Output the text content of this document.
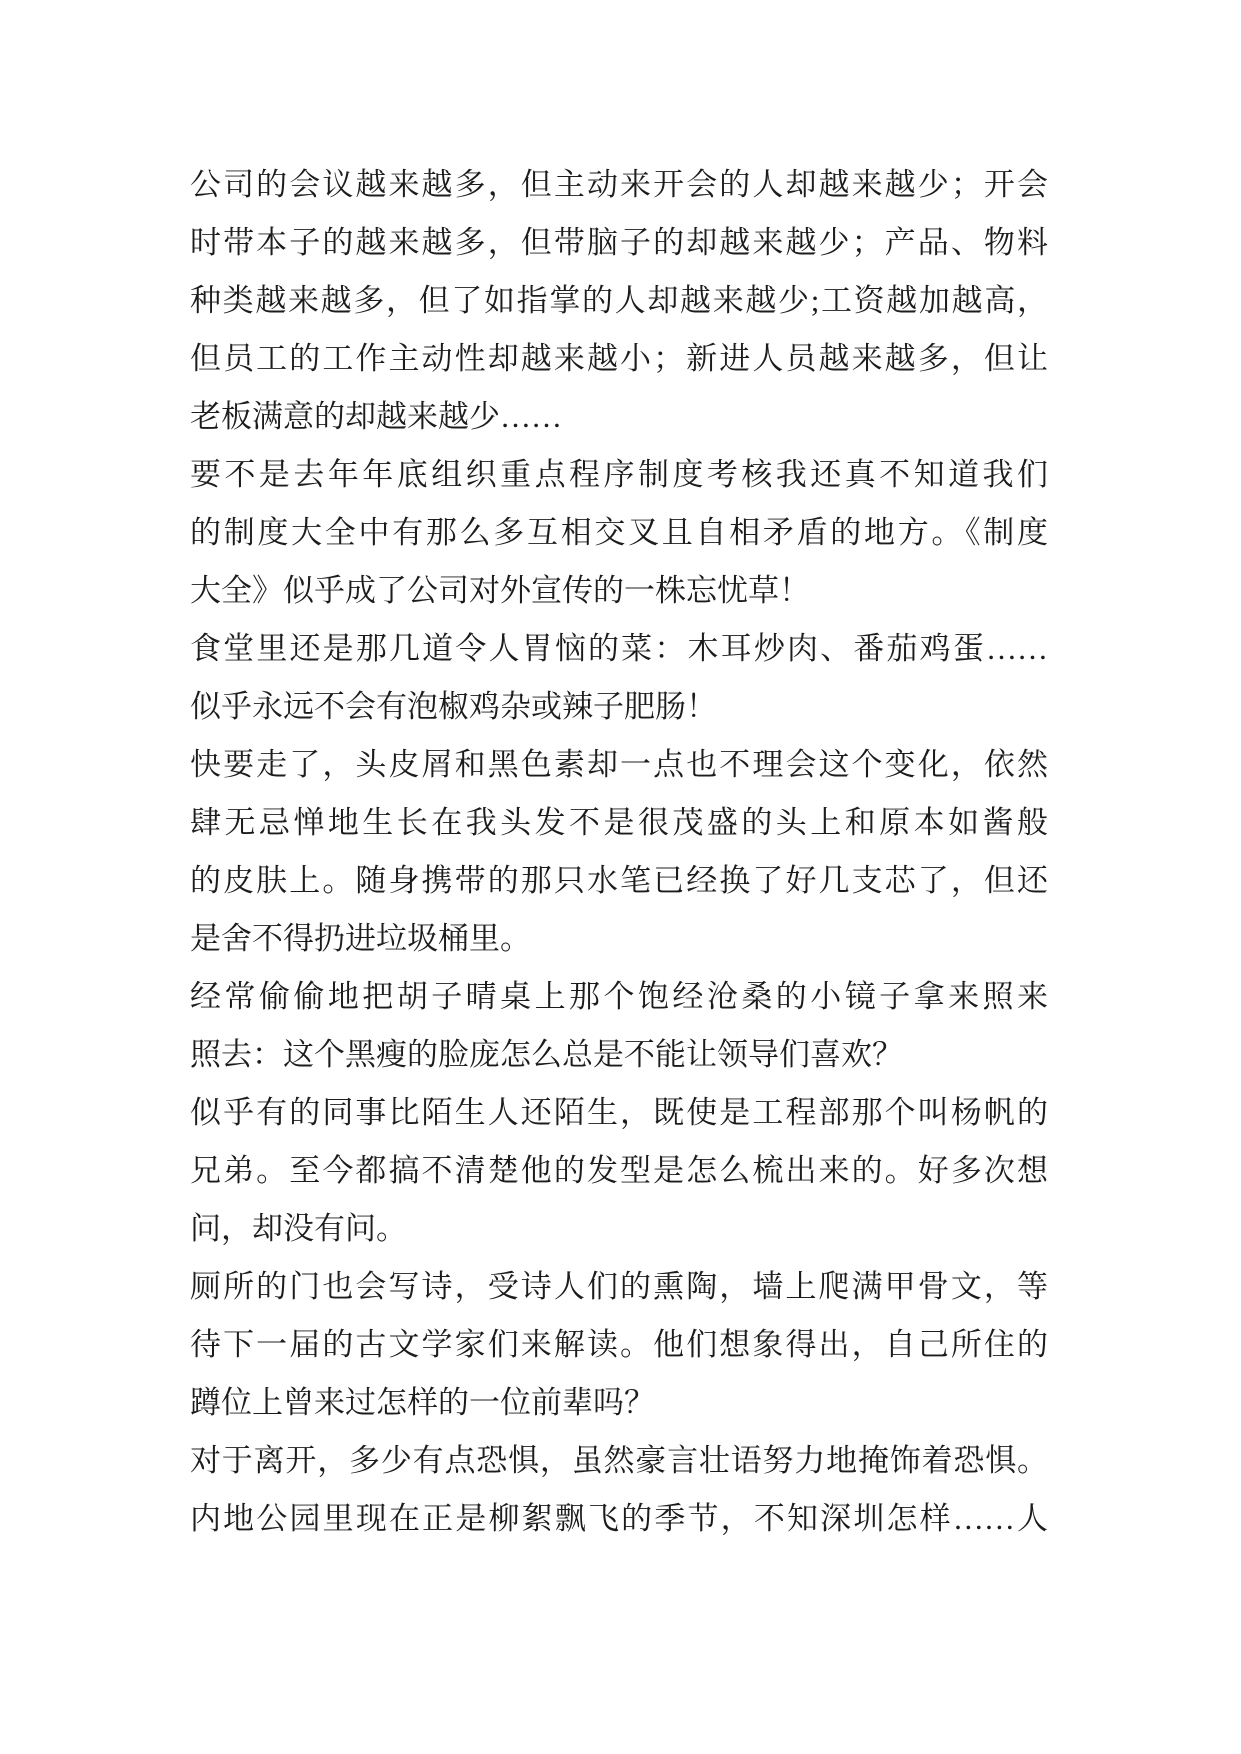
公司的会议越来越多，但主动来开会的人却越来越少；开会
时带本子的越来越多，但带脑子的却越来越少；产品、物料
种类越来越多，但了如指掌的人却越来越少;工资越加越高，
但员工的工作主动性却越来越小；新进人员越来越多，但让
老板满意的却越来越少……
要不是去年年底组织重点程序制度考核我还真不知道我们
的制度大全中有那么多互相交叉且自相矛盾的地方。《制度
大全》似乎成了公司对外宣传的一株忘忧草！
食堂里还是那几道令人胃恼的菜：木耳炒肉、番茄鸡蛋……
似乎永远不会有泡椒鸡杂或辣子肥肠！
快要走了，头皮屑和黑色素却一点也不理会这个变化，依然
肆无忌惮地生长在我头发不是很茂盛的头上和原本如酱般
的皮肤上。随身携带的那只水笔已经换了好几支芯了，但还
是舍不得扔进垃圾桶里。
经常偷偷地把胡子晴桌上那个饱经沧桑的小镜子拿来照来
照去：这个黑瘦的脸庞怎么总是不能让领导们喜欢？
似乎有的同事比陌生人还陌生，既使是工程部那个叫杨帆的
兄弟。至今都搞不清楚他的发型是怎么梳出来的。好多次想
问，却没有问。
厕所的门也会写诗，受诗人们的熏陶，墙上爬满甲骨文，等
待下一届的古文学家们来解读。他们想象得出，自己所住的
蹲位上曾来过怎样的一位前辈吗？
对于离开，多少有点恐惧，虽然豪言壮语努力地掩饰着恐惧。
内地公园里现在正是柳絮飘飞的季节，不知深圳怎样……人
